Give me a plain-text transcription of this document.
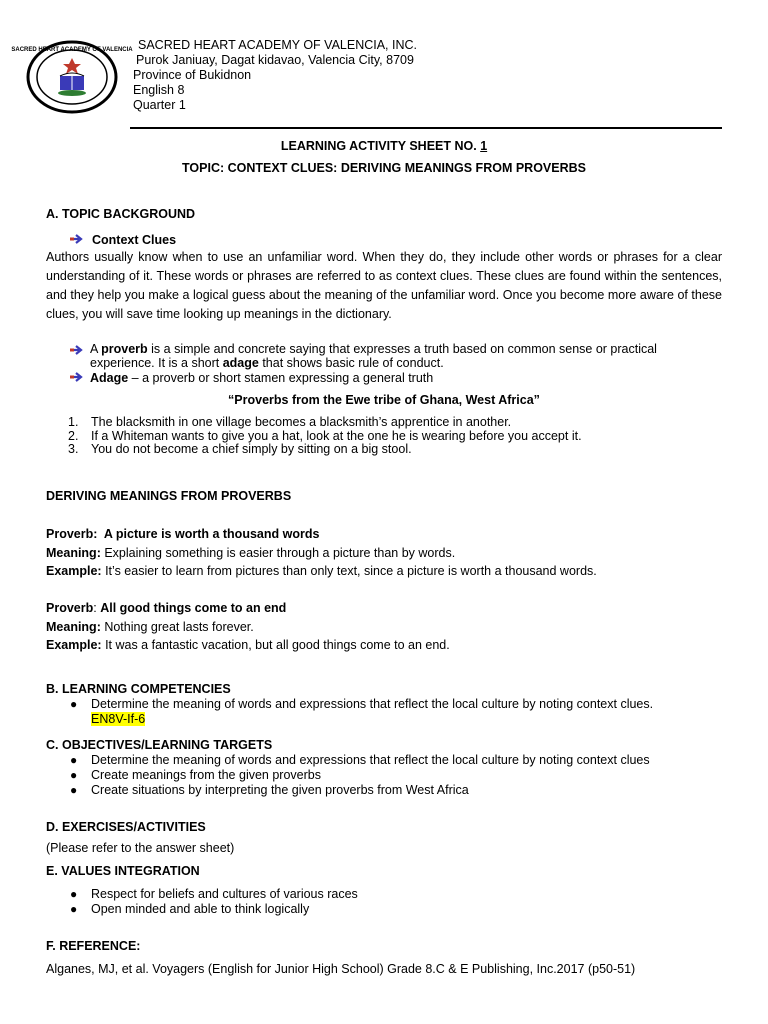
SACRED HEART ACADEMY OF VALENCIA SACRED HEART ACADEMY OF VALENCIA, INC.
Purok Janiuay, Dagat kidavao, Valencia City, 8709
Province of Bukidnon
English 8
Quarter 1
LEARNING ACTIVITY SHEET NO. 1
TOPIC: CONTEXT CLUES: DERIVING MEANINGS FROM PROVERBS
A. TOPIC BACKGROUND
Context Clues
Authors usually know when to use an unfamiliar word. When they do, they include other words or phrases for a clear understanding of it. These words or phrases are referred to as context clues. These clues are found within the sentences, and they help you make a logical guess about the meaning of the unfamiliar word. Once you become more aware of these clues, you will save time looking up meanings in the dictionary.
A proverb is a simple and concrete saying that expresses a truth based on common sense or practical experience. It is a short adage that shows basic rule of conduct.
Adage – a proverb or short stamen expressing a general truth
“Proverbs from the Ewe tribe of Ghana, West Africa”
1. The blacksmith in one village becomes a blacksmith’s apprentice in another.
2. If a Whiteman wants to give you a hat, look at the one he is wearing before you accept it.
3. You do not become a chief simply by sitting on a big stool.
DERIVING MEANINGS FROM PROVERBS
Proverb:  A picture is worth a thousand words
Meaning: Explaining something is easier through a picture than by words.
Example: It’s easier to learn from pictures than only text, since a picture is worth a thousand words.
Proverb: All good things come to an end
Meaning: Nothing great lasts forever.
Example: It was a fantastic vacation, but all good things come to an end.
B. LEARNING COMPETENCIES
● Determine the meaning of words and expressions that reflect the local culture by noting context clues.
EN8V-If-6
C. OBJECTIVES/LEARNING TARGETS
● Determine the meaning of words and expressions that reflect the local culture by noting context clues
● Create meanings from the given proverbs
● Create situations by interpreting the given proverbs from West Africa
D. EXERCISES/ACTIVITIES
(Please refer to the answer sheet)
E. VALUES INTEGRATION
● Respect for beliefs and cultures of various races
● Open minded and able to think logically
F. REFERENCE:
Alganes, MJ, et al. Voyagers (English for Junior High School) Grade 8.C & E Publishing, Inc.2017 (p50-51)
